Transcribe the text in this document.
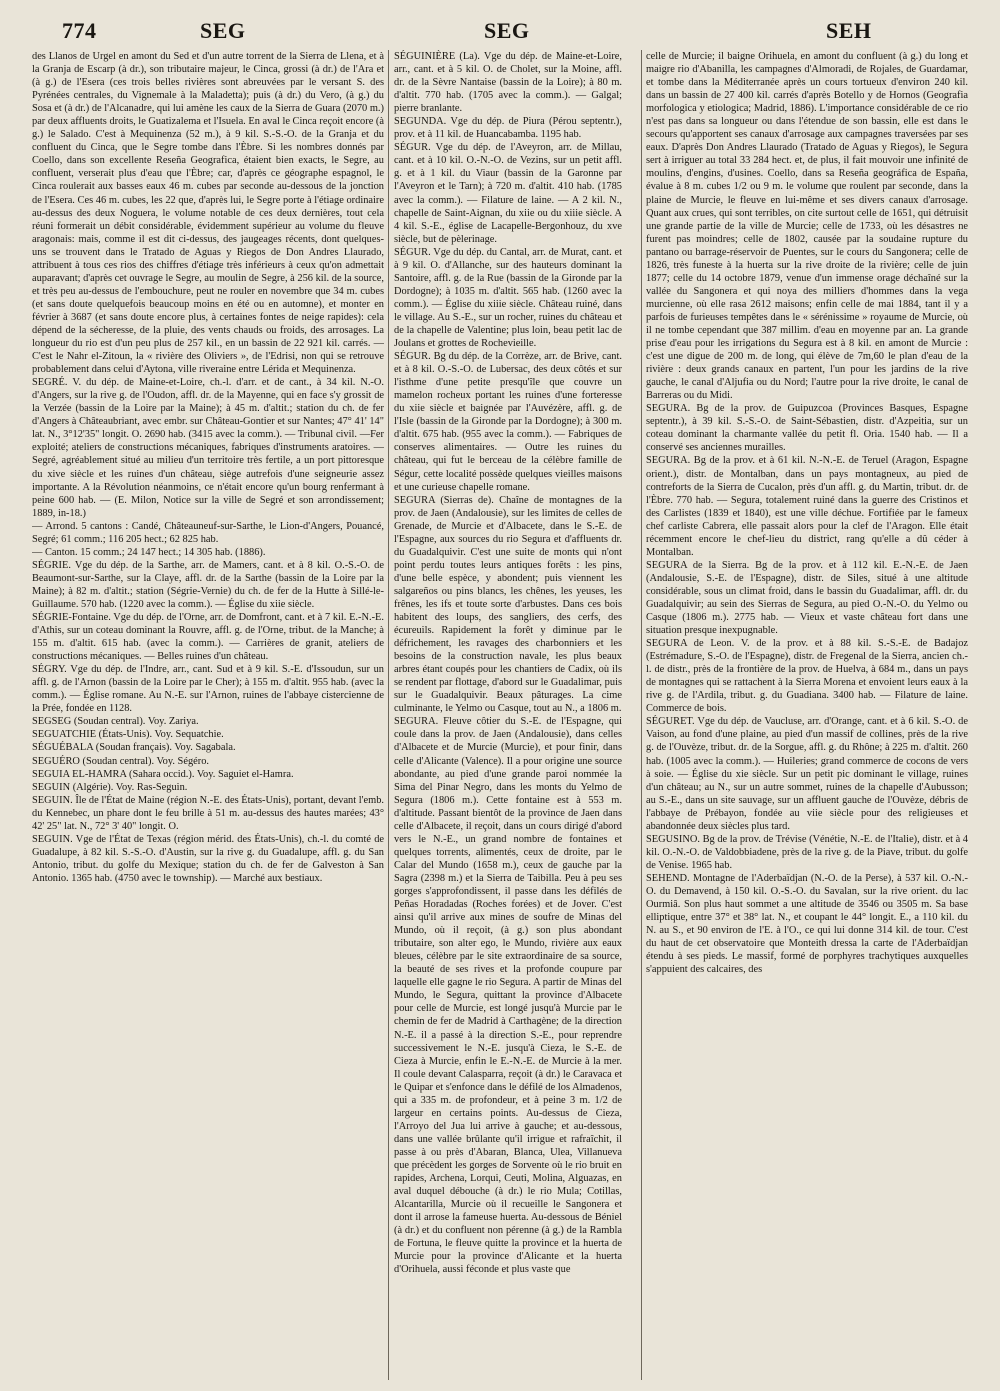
774	SEG	SEG	SEH

des Llanos de Urgel en amont du Sed et d'un autre torrent de la Sierra de Llena, et à la Granja de Escarp (à dr.), son tributaire majeur, le Cinca, grossi (à dr.) de l'Ara et (à g.) de l'Esera (ces trois belles rivières sont abreuvées par le versant S. des Pyrénées centrales, du Vignemale à la Maladetta); puis (à dr.) du Vero, (à g.) du Sosa et (à dr.) de l'Alcanadre, qui lui amène les caux de la Sierra de Guara (2070 m.) par deux affluents droits, le Guatizalema et l'Isuela. En aval le Cinca reçoit encore (à g.) le Salado. C'est à Mequinenza (52 m.), à 9 kil. S.-S.-O. de la Granja et du confluent du Cinca, que le Segre tombe dans l'Èbre. Si les nombres donnés par Coello, dans son excellente Reseña Geografica, étaient bien exacts, le Segre, au confluent, verserait plus d'eau que l'Èbre; car, d'après ce géographe espagnol, le Cinca roulerait aux basses eaux 46 m. cubes par seconde au-dessous de la jonction de l'Esera. Ces 46 m. cubes, les 22 que, d'après lui, le Segre porte à l'étiage ordinaire au-dessus des deux Noguera, le volume notable de ces deux dernières, tout cela réuni formerait un débit considérable, évidemment supérieur au volume du fleuve aragonais: mais, comme il est dit ci-dessus, des jaugeages récents, dont quelques-uns se trouvent dans le Tratado de Aguas y Riegos de Don Andres Llaurado, attribuent à tous ces rios des chiffres d'étiage très inférieurs à ceux qu'on admettait auparavant; d'après cet ouvrage le Segre, au moulin de Segre, à 256 kil. de la source, et très peu au-dessus de l'embouchure, peut ne rouler en novembre que 34 m. cubes (et sans doute quelquefois beaucoup moins en été ou en automne), et monter en février à 3687 (et sans doute encore plus, à certaines fontes de neige rapides): cela dépend de la sécheresse, de la pluie, des vents chauds ou froids, des arrosages. La longueur du rio est d'un peu plus de 257 kil., en un bassin de 22 921 kil. carrés. — C'est le Nahr el-Zitoun, la « rivière des Oliviers », de l'Edrisi, non qui se retrouve probablement dans celui d'Aytona, ville riveraine entre Lérida et Mequinenza.
SEGRÉ. V. du dép. de Maine-et-Loire, ch.-l. d'arr. et de cant., à 34 kil. N.-O. d'Angers, sur la rive g. de l'Oudon, affl. dr. de la Mayenne, qui en face s'y grossit de la Verzée (bassin de la Loire par la Maine); à 45 m. d'altit.; station du ch. de fer d'Angers à Châteaubriant, avec embr. sur Château-Gontier et sur Nantes; 47° 41' 14" lat. N., 3°12'35" longit. O. 2690 hab. (3415 avec la comm.). — Tribunal civil. —Fer exploité; ateliers de constructions mécaniques, fabriques d'instruments aratoires. — Segré, agréablement situé au milieu d'un territoire très fertile, a un port pittoresque du xive siècle et les ruines d'un château, siège autrefois d'une seigneurie assez importante. A la Révolution néanmoins, ce n'était encore qu'un bourg renfermant à peine 600 hab. — (E. Milon, Notice sur la ville de Segré et son arrondissement; 1889, in-18.)
— Arrond. 5 cantons : Candé, Châteauneuf-sur-Sarthe, le Lion-d'Angers, Pouancé, Segré; 61 comm.; 116 205 hect.; 62 825 hab.
— Canton. 15 comm.; 24 147 hect.; 14 305 hab. (1886).
SÉGRIE. Vge du dép. de la Sarthe, arr. de Mamers, cant. et à 8 kil. O.-S.-O. de Beaumont-sur-Sarthe, sur la Claye, affl. dr. de la Sarthe (bassin de la Loire par la Maine); à 82 m. d'altit.; station (Ségrie-Vernie) du ch. de fer de la Hutte à Sillé-le-Guillaume. 570 hab. (1220 avec la comm.). — Église du xiie siècle.
SÉGRIE-Fontaine. Vge du dép. de l'Orne, arr. de Domfront, cant. et à 7 kil. E.-N.-E. d'Athis, sur un coteau dominant la Rouvre, affl. g. de l'Orne, tribut. de la Manche; à 155 m. d'altit. 615 hab. (avec la comm.). — Carrières de granit, ateliers de constructions mécaniques. — Belles ruines d'un château.
SÉGRY. Vge du dép. de l'Indre, arr., cant. Sud et à 9 kil. S.-E. d'Issoudun, sur un affl. g. de l'Arnon (bassin de la Loire par le Cher); à 155 m. d'altit. 955 hab. (avec la comm.). — Église romane. Au N.-E. sur l'Arnon, ruines de l'abbaye cistercienne de la Prée, fondée en 1128.
SEGSEG (Soudan central). Voy. Zariya.
SEGUATCHIE (États-Unis). Voy. Sequatchie.
SÉGUÉBALA (Soudan français). Voy. Sagabala.
SEGUÉRO (Soudan central). Voy. Ségéro.
SEGUIA EL-HAMRA (Sahara occid.). Voy. Saguiet el-Hamra.
SEGUIN (Algérie). Voy. Ras-Seguin.
SEGUIN. Île de l'État de Maine (région N.-E. des États-Unis), portant, devant l'emb. du Kennebec, un phare dont le feu brille à 51 m. au-dessus des hautes marées; 43° 42' 25" lat. N., 72° 3' 40" longit. O.
SEGUIN. Vge de l'État de Texas (région mérid. des États-Unis), ch.-l. du comté de Guadalupe, à 82 kil. S.-S.-O. d'Austin, sur la rive g. du Guadalupe, affl. g. du San Antonio, tribut. du golfe du Mexique; station du ch. de fer de Galveston à San Antonio. 1365 hab. (4750 avec le township). — Marché aux bestiaux.

SÉGUINIÈRE (La). Vge du dép. de Maine-et-Loire, arr., cant. et à 5 kil. O. de Cholet, sur la Moine, affl. dr. de la Sèvre Nantaise (bassin de la Loire); à 80 m. d'altit. 770 hab. (1705 avec la comm.). — Galgal; pierre branlante.
SEGUNDA. Vge du dép. de Piura (Pérou septentr.), prov. et à 11 kil. de Huancabamba. 1195 hab.
SÉGUR. Vge du dép. de l'Aveyron, arr. de Millau, cant. et à 10 kil. O.-N.-O. de Vezins, sur un petit affl. g. et à 1 kil. du Viaur (bassin de la Garonne par l'Aveyron et le Tarn); à 720 m. d'altit. 410 hab. (1785 avec la comm.). — Filature de laine. — A 2 kil. N., chapelle de Saint-Aignan, du xiie ou du xiiie siècle. A 4 kil. S.-E., église de Lacapelle-Bergonhouz, du xve siècle, but de pèlerinage.
SÉGUR. Vge du dép. du Cantal, arr. de Murat, cant. et à 9 kil. O. d'Allanche, sur des hauteurs dominant la Santoire, affl. g. de la Rue (bassin de la Gironde par la Dordogne); à 1035 m. d'altit. 565 hab. (1260 avec la comm.). — Église du xiiie siècle. Château ruiné, dans le village. Au S.-E., sur un rocher, ruines du château et de la chapelle de Valentine; plus loin, beau petit lac de Joulans et grottes de Rochevieille.
SÉGUR. Bg du dép. de la Corrèze, arr. de Brive, cant. et à 8 kil. O.-S.-O. de Lubersac, des deux côtés et sur l'isthme d'une petite presqu'île que couvre un mamelon rocheux portant les ruines d'une forteresse du xiie siècle et baignée par l'Auvézère, affl. g. de l'Isle (bassin de la Gironde par la Dordogne); à 300 m. d'altit. 675 hab. (955 avec la comm.). — Fabriques de conserves alimentaires. — Outre les ruines du château, qui fut le berceau de la célèbre famille de Ségur, cette localité possède quelques vieilles maisons et une curieuse chapelle romane.
SEGURA (Sierras de). Chaîne de montagnes de la prov. de Jaen (Andalousie), sur les limites de celles de Grenade, de Murcie et d'Albacete, dans le S.-E. de l'Espagne, aux sources du rio Segura et d'affluents dr. du Guadalquivir. C'est une suite de monts qui n'ont point perdu toutes leurs antiques forêts : les pins, d'une belle espèce, y abondent; puis viennent les salgareños ou pins blancs, les chênes, les yeuses, les frênes, les ifs et toute sorte d'arbustes. Dans ces bois habitent des loups, des sangliers, des cerfs, des écureuils. Rapidement la forêt y diminue par le défrichement, les ravages des charbonniers et les besoins de la construction navale, les plus beaux arbres étant coupés pour les chantiers de Cadix, où ils se rendent par flottage, d'abord sur le Guadalimar, puis sur le Guadalquivir. Beaux pâturages. La cime culminante, le Yelmo ou Casque, tout au N., a 1806 m.
SEGURA. Fleuve côtier du S.-E. de l'Espagne, qui coule dans la prov. de Jaen (Andalousie), dans celles d'Albacete et de Murcie (Murcie), et pour finir, dans celle d'Alicante (Valence). Il a pour origine une source abondante, au pied d'une grande paroi nommée la Sima del Pinar Negro, dans les monts du Yelmo de Segura (1806 m.). Cette fontaine est à 553 m. d'altitude. Passant bientôt de la province de Jaen dans celle d'Albacete, il reçoit, dans un cours dirigé d'abord vers le N.-E., un grand nombre de fontaines et quelques torrents, alimentés, ceux de droite, par le Calar del Mundo (1658 m.), ceux de gauche par la Sagra (2398 m.) et la Sierra de Taibilla. Peu à peu ses gorges s'approfondissent, il passe dans les défilés de Peñas Horadadas (Roches forées) et de Jover. C'est ainsi qu'il arrive aux mines de soufre de Minas del Mundo, où il reçoit, (à g.) son plus abondant tributaire, son alter ego, le Mundo, rivière aux eaux bleues, célèbre par le site extraordinaire de sa source, la beauté de ses rives et la profonde coupure par laquelle elle gagne le rio Segura. A partir de Minas del Mundo, le Segura, quittant la province d'Albacete pour celle de Murcie, est longé jusqu'à Murcie par le chemin de fer de Madrid à Carthagène; de la direction N.-E. il a passé à la direction S.-E., pour reprendre successivement le N.-E. jusqu'à Cieza, le S.-E. de Cieza à Murcie, enfin le E.-N.-E. de Murcie à la mer. Il coule devant Calasparra, reçoit (à dr.) le Caravaca et le Quipar et s'enfonce dans le défilé de los Almadenos, qui a 335 m. de profondeur, et à peine 3 m. 1/2 de largeur en certains points. Au-dessus de Cieza, l'Arroyo del Jua lui arrive à gauche; et au-dessous, dans une vallée brûlante qu'il irrigue et rafraîchit, il passe à ou près d'Abaran, Blanca, Ulea, Villanueva que précèdent les gorges de Sorvente où le rio bruit en rapides, Archena, Lorqui, Ceuti, Molina, Alguazas, en aval duquel débouche (à dr.) le rio Mula; Cotillas, Alcantarilla, Murcie où il recueille le Sangonera et dont il arrose la fameuse huerta. Au-dessous de Béniel (à dr.) et du confluent non pérenne (à g.) de la Rambla de Fortuna, le fleuve quitte la province et la huerta de Murcie pour la province d'Alicante et la huerta d'Orihuela, aussi féconde et plus vaste que

celle de Murcie; il baigne Orihuela, en amont du confluent (à g.) du long et maigre rio d'Abanilla, les campagnes d'Almoradi, de Rojales, de Guardamar, et tombe dans la Méditerranée après un cours tortueux d'environ 240 kil. dans un bassin de 27 400 kil. carrés d'après Botello y de Hornos (Geografia morfologica y etiologica; Madrid, 1886). L'importance considérable de ce rio n'est pas dans sa longueur ou dans l'étendue de son bassin, elle est dans le secours qu'apportent ses canaux d'arrosage aux campagnes traversées par ses eaux. D'après Don Andres Llaurado (Tratado de Aguas y Riegos), le Segura sert à irriguer au total 33 284 hect. et, de plus, il fait mouvoir une infinité de moulins, d'engins, d'usines. Coello, dans sa Reseña geográfica de España, évalue à 8 m. cubes 1/2 ou 9 m. le volume que roulent par seconde, dans la plaine de Murcie, le fleuve en lui-même et ses divers canaux d'arrosage. Quant aux crues, qui sont terribles, on cite surtout celle de 1651, qui détruisit une grande partie de la ville de Murcie; celle de 1733, où les désastres ne furent pas moindres; celle de 1802, causée par la soudaine rupture du pantano ou barrage-réservoir de Puentes, sur le cours du Sangonera; celle de 1826, très funeste à la huerta sur la rive droite de la rivière; celle de juin 1877; celle du 14 octobre 1879, venue d'un immense orage déchaîné sur la vallée du Sangonera et qui noya des milliers d'hommes dans la vega murcienne, où elle rasa 2612 maisons; enfin celle de mai 1884, tant il y a parfois de furieuses tempêtes dans le « sérénissime » royaume de Murcie, où il ne tombe cependant que 387 millim. d'eau en moyenne par an. La grande prise d'eau pour les irrigations du Segura est à 8 kil. en amont de Murcie : c'est une digue de 200 m. de long, qui élève de 7m,60 le plan d'eau de la rivière : deux grands canaux en partent, l'un pour les jardins de la rive gauche, le canal d'Aljufia ou du Nord; l'autre pour la rive droite, le canal de Barreras ou du Midi.
SEGURA. Bg de la prov. de Guipuzcoa (Provinces Basques, Espagne septentr.), à 39 kil. S.-S.-O. de Saint-Sébastien, distr. d'Azpeitia, sur un coteau dominant la charmante vallée du petit fl. Oria. 1540 hab. — Il a conservé ses anciennes murailles.
SEGURA. Bg de la prov. et à 61 kil. N.-N.-E. de Teruel (Aragon, Espagne orient.), distr. de Montalban, dans un pays montagneux, au pied de contreforts de la Sierra de Cucalon, près d'un affl. g. du Martin, tribut. dr. de l'Èbre. 770 hab. — Segura, totalement ruiné dans la guerre des Cristinos et des Carlistes (1839 et 1840), est une ville déchue. Fortifiée par le fameux chef carliste Cabrera, elle passait alors pour la clef de l'Aragon. Elle était récemment encore le chef-lieu du district, rang qu'elle a dû céder à Montalban.
SEGURA de la Sierra. Bg de la prov. et à 112 kil. E.-N.-E. de Jaen (Andalousie, S.-E. de l'Espagne), distr. de Siles, situé à une altitude considérable, sous un climat froid, dans le bassin du Guadalimar, affl. dr. du Guadalquivir; au sein des Sierras de Segura, au pied O.-N.-O. du Yelmo ou Casque (1806 m.). 2775 hab. — Vieux et vaste château fort dans une situation presque inexpugnable.
SEGURA de Leon. V. de la prov. et à 88 kil. S.-S.-E. de Badajoz (Estrémadure, S.-O. de l'Espagne), distr. de Fregenal de la Sierra, ancien ch.-l. de distr., près de la frontière de la prov. de Huelva, à 684 m., dans un pays de montagnes qui se rattachent à la Sierra Morena et envoient leurs eaux à la rive g. de l'Ardila, tribut. g. du Guadiana. 3400 hab. — Filature de laine. Commerce de bois.
SÉGURET. Vge du dép. de Vaucluse, arr. d'Orange, cant. et à 6 kil. S.-O. de Vaison, au fond d'une plaine, au pied d'un massif de collines, près de la rive g. de l'Ouvèze, tribut. dr. de la Sorgue, affl. g. du Rhône; à 225 m. d'altit. 260 hab. (1005 avec la comm.). — Huileries; grand commerce de cocons de vers à soie. — Église du xie siècle. Sur un petit pic dominant le village, ruines d'un château; au N., sur un autre sommet, ruines de la chapelle d'Aubusson; au S.-E., dans un site sauvage, sur un affluent gauche de l'Ouvèze, débris de l'abbaye de Prébayon, fondée au viie siècle pour des religieuses et abandonnée deux siècles plus tard.
SEGUSINO. Bg de la prov. de Trévise (Vénétie, N.-E. de l'Italie), distr. et à 4 kil. O.-N.-O. de Valdobbiadene, près de la rive g. de la Piave, tribut. du golfe de Venise. 1965 hab.
SEHEND. Montagne de l'Aderbaïdjan (N.-O. de la Perse), à 537 kil. O.-N.-O. du Demavend, à 150 kil. O.-S.-O. du Savalan, sur la rive orient. du lac Ourmiâ. Son plus haut sommet a une altitude de 3546 ou 3505 m. Sa base elliptique, entre 37° et 38° lat. N., et coupant le 44° longit. E., a 110 kil. du N. au S., et 90 environ de l'E. à l'O., ce qui lui donne 314 kil. de tour. C'est du haut de cet observatoire que Monteith dressa la carte de l'Aderbaïdjan étendu à ses pieds. Le massif, formé de porphyres trachytiques auxquelles s'appuient des calcaires, des
